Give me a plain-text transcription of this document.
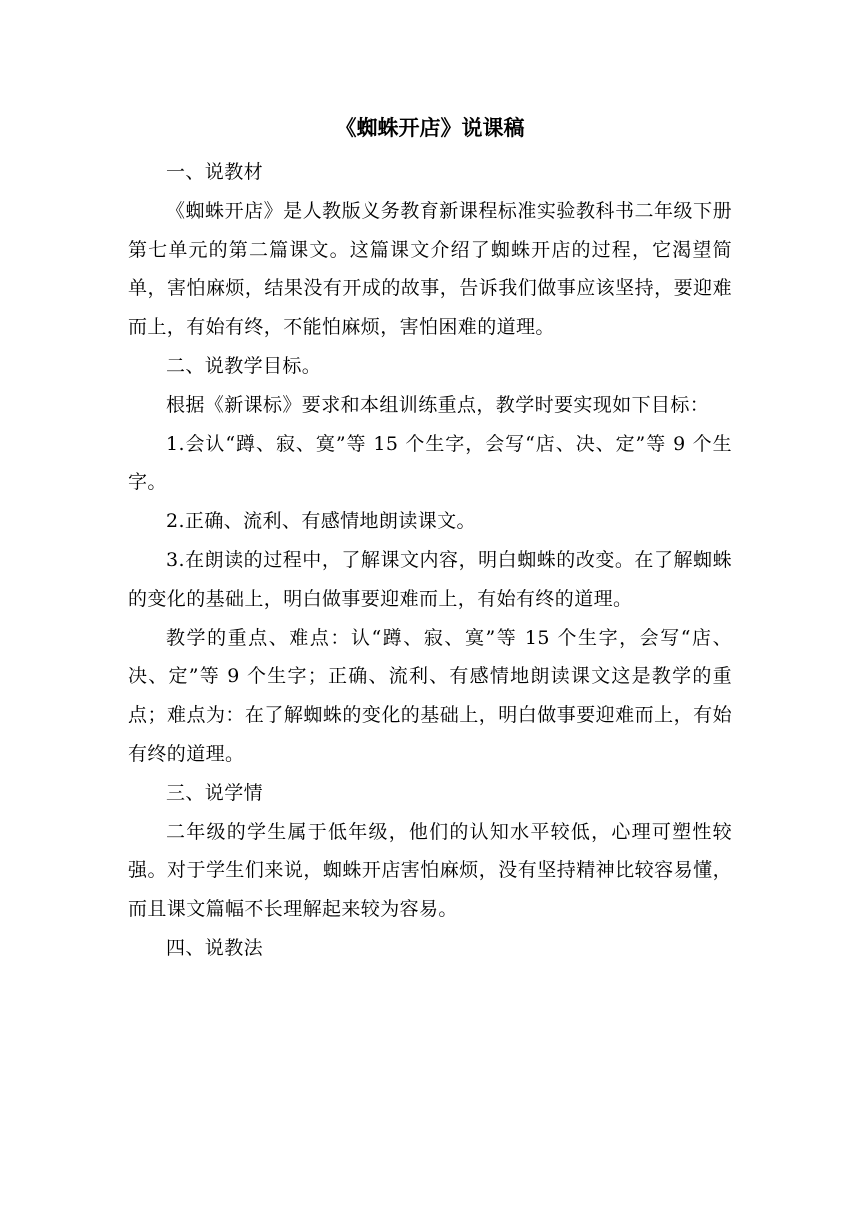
《蜘蛛开店》说课稿

一、说教材

《蜘蛛开店》是人教版义务教育新课程标准实验教科书二年级下册第七单元的第二篇课文。这篇课文介绍了蜘蛛开店的过程，它渴望简单，害怕麻烦，结果没有开成的故事，告诉我们做事应该坚持，要迎难而上，有始有终，不能怕麻烦，害怕困难的道理。

二、说教学目标。

根据《新课标》要求和本组训练重点，教学时要实现如下目标：

1.会认“蹲、寂、寞”等 15 个生字，会写“店、决、定”等 9 个生字。

2.正确、流利、有感情地朗读课文。

3.在朗读的过程中，了解课文内容，明白蜘蛛的改变。在了解蜘蛛的变化的基础上，明白做事要迎难而上，有始有终的道理。

教学的重点、难点：认“蹲、寂、寞”等 15 个生字，会写“店、决、定”等 9 个生字；正确、流利、有感情地朗读课文这是教学的重点；难点为：在了解蜘蛛的变化的基础上，明白做事要迎难而上，有始有终的道理。

三、说学情

二年级的学生属于低年级，他们的认知水平较低，心理可塑性较强。对于学生们来说，蜘蛛开店害怕麻烦，没有坚持精神比较容易懂，而且课文篇幅不长理解起来较为容易。

四、说教法
